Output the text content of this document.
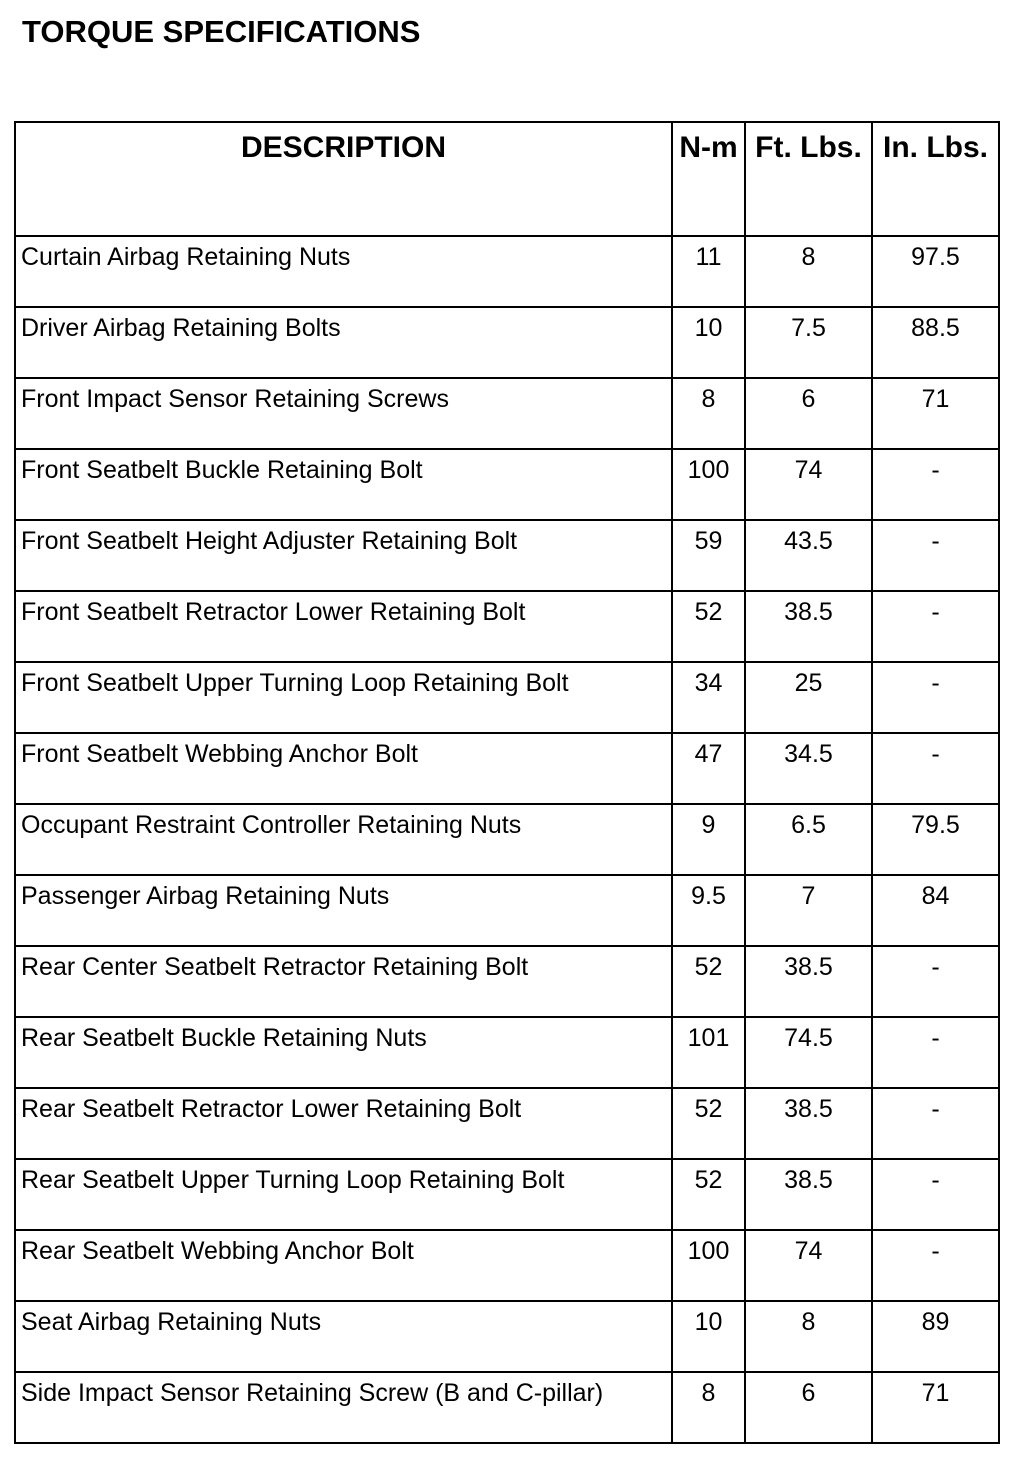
TORQUE SPECIFICATIONS
DESCRIPTION	N-m	Ft. Lbs.	In. Lbs.
Curtain Airbag Retaining Nuts	11	8	97.5
Driver Airbag Retaining Bolts	10	7.5	88.5
Front Impact Sensor Retaining Screws	8	6	71
Front Seatbelt Buckle Retaining Bolt	100	74	-
Front Seatbelt Height Adjuster Retaining Bolt	59	43.5	-
Front Seatbelt Retractor Lower Retaining Bolt	52	38.5	-
Front Seatbelt Upper Turning Loop Retaining Bolt	34	25	-
Front Seatbelt Webbing Anchor Bolt	47	34.5	-
Occupant Restraint Controller Retaining Nuts	9	6.5	79.5
Passenger Airbag Retaining Nuts	9.5	7	84
Rear Center Seatbelt Retractor Retaining Bolt	52	38.5	-
Rear Seatbelt Buckle Retaining Nuts	101	74.5	-
Rear Seatbelt Retractor Lower Retaining Bolt	52	38.5	-
Rear Seatbelt Upper Turning Loop Retaining Bolt	52	38.5	-
Rear Seatbelt Webbing Anchor Bolt	100	74	-
Seat Airbag Retaining Nuts	10	8	89
Side Impact Sensor Retaining Screw (B and C-pillar)	8	6	71
